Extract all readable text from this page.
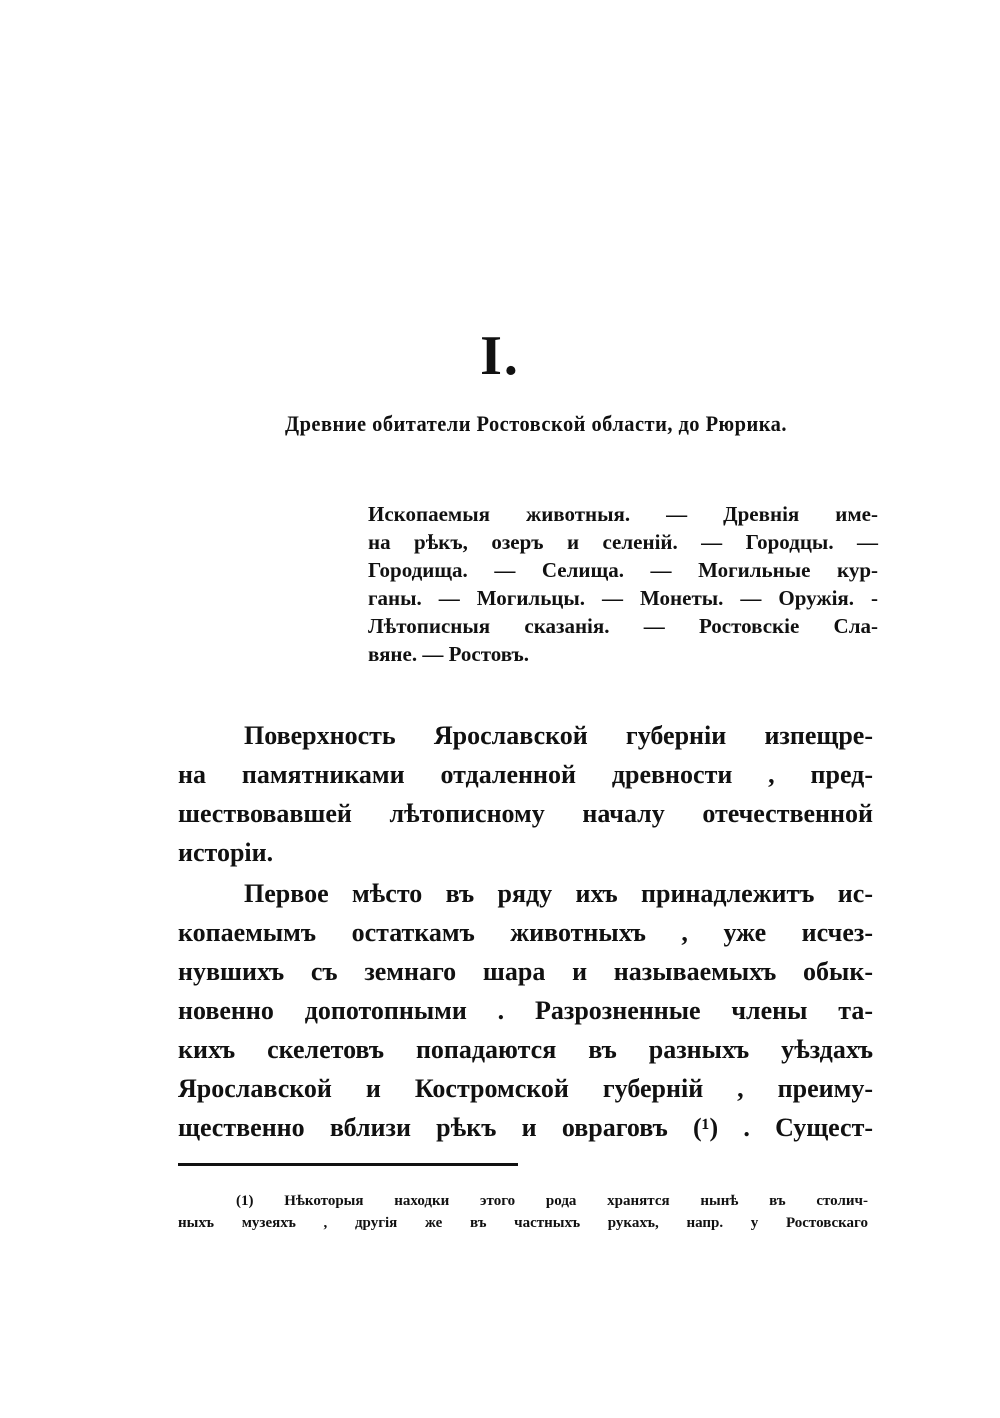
I.
Древние обитатели Ростовской области, до Рюрика.
Ископаемыя животныя. — Древнія име-
на рѣкъ, озеръ и селеній. — Городцы. —
Городища. — Селища. — Могильные кур-
ганы. — Могильцы. — Монеты. — Оружія. -
Лѣтописныя сказанія. — Ростовскіе Сла-
вяне. — Ростовъ.
Поверхность Ярославской губерніи изпещре-
на памятниками отдаленной древности , пред-
шествовавшей лѣтописному началу отечественной
исторіи.
Первое мѣсто въ ряду ихъ принадлежитъ ис-
копаемымъ остаткамъ животныхъ , уже исчез-
нувшихъ съ земнаго шара и называемыхъ обык-
новенно допотопными . Разрозненные члены та-
кихъ скелетовъ попадаются въ разныхъ уѣздахъ
Ярославской и Костромской губерній , преиму-
щественно вблизи рѣкъ и овраговъ (¹) . Сущест-
(1) Нѣкоторыя находки этого рода хранятся нынѣ въ столич-
ныхъ музеяхъ , другія же въ частныхъ рукахъ, напр. у Ростовскаго
